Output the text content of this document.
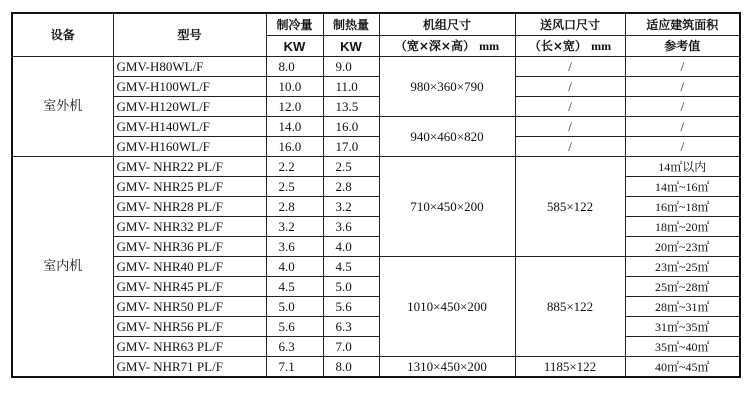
设备	型号	制冷量	制热量	机组尺寸	送风口尺寸	适应建筑面积
		KW	KW	（宽×深×高） mm	（长×宽） mm	参考值
室外机	GMV-H80WL/F	8.0	9.0	980×360×790	/	/
	GMV-H100WL/F	10.0	11.0		/	/
	GMV-H120WL/F	12.0	13.5		/	/
	GMV-H140WL/F	14.0	16.0	940×460×820	/	/
	GMV-H160WL/F	16.0	17.0		/	/
室内机	GMV- NHR22 PL/F	2.2	2.5	710×450×200	585×122	14㎡以内
	GMV- NHR25 PL/F	2.5	2.8			14㎡~16㎡
	GMV- NHR28 PL/F	2.8	3.2			16㎡~18㎡
	GMV- NHR32 PL/F	3.2	3.6			18㎡~20㎡
	GMV- NHR36 PL/F	3.6	4.0			20㎡~23㎡
	GMV- NHR40 PL/F	4.0	4.5	1010×450×200	885×122	23㎡~25㎡
	GMV- NHR45 PL/F	4.5	5.0			25㎡~28㎡
	GMV- NHR50 PL/F	5.0	5.6			28㎡~31㎡
	GMV- NHR56 PL/F	5.6	6.3			31㎡~35㎡
	GMV- NHR63 PL/F	6.3	7.0			35㎡~40㎡
	GMV- NHR71 PL/F	7.1	8.0	1310×450×200	1185×122	40㎡~45㎡
